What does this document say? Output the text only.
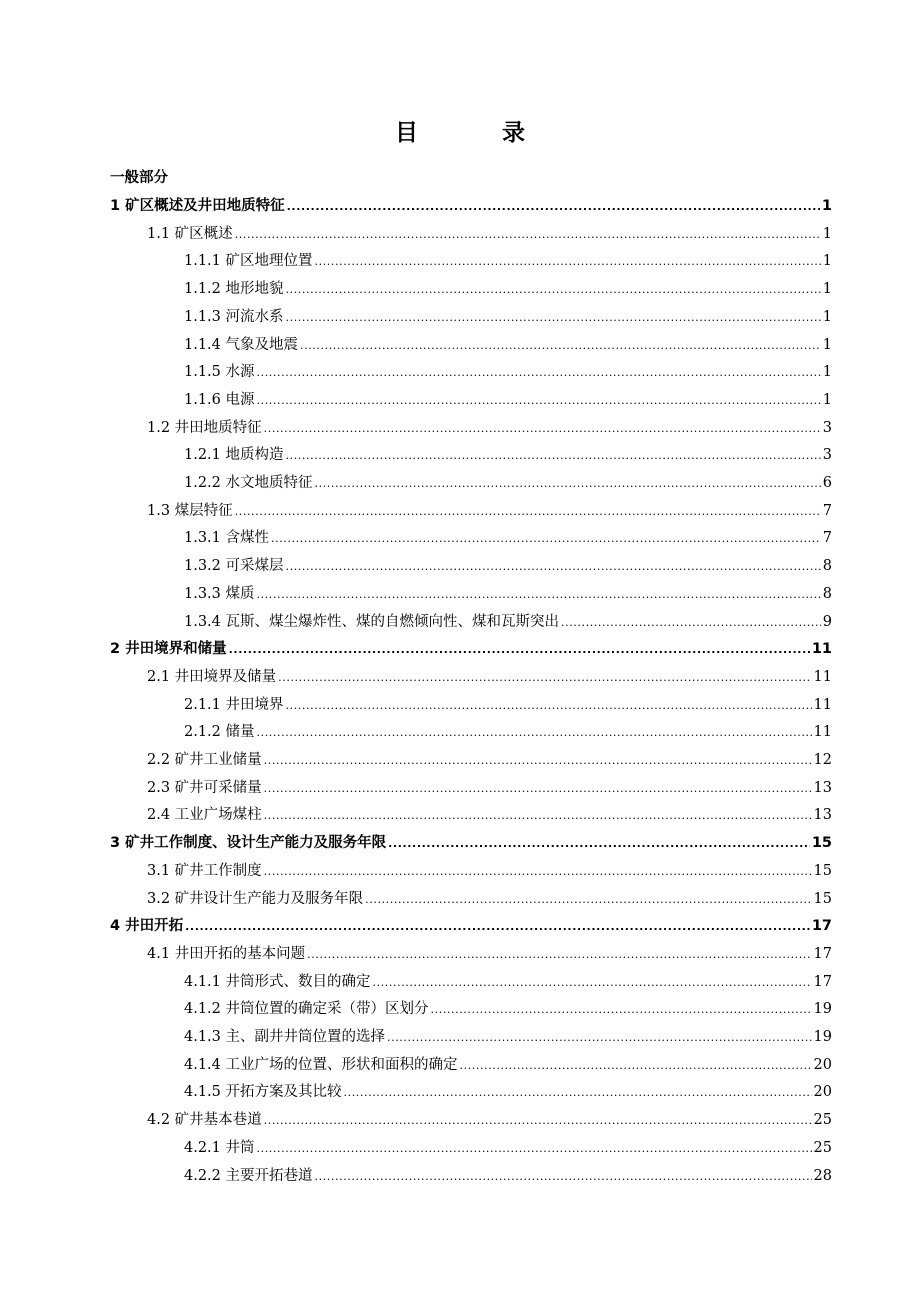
目 录
一般部分
1 矿区概述及井田地质特征 .....	1
1.1 矿区概述 .....	1
1.1.1 矿区地理位置 .....	1
1.1.2 地形地貌 .....	1
1.1.3 河流水系 .....	1
1.1.4 气象及地震 .....	1
1.1.5 水源 .....	1
1.1.6 电源 .....	1
1.2 井田地质特征 .....	3
1.2.1 地质构造 .....	3
1.2.2 水文地质特征 .....	6
1.3 煤层特征 .....	7
1.3.1 含煤性 .....	7
1.3.2 可采煤层 .....	8
1.3.3 煤质 .....	8
1.3.4 瓦斯、煤尘爆炸性、煤的自燃倾向性、煤和瓦斯突出 .....	9
2 井田境界和储量 .....	11
2.1 井田境界及储量 .....	11
2.1.1 井田境界 .....	11
2.1.2 储量 .....	11
2.2 矿井工业储量 .....	12
2.3 矿井可采储量 .....	13
2.4 工业广场煤柱 .....	13
3 矿井工作制度、设计生产能力及服务年限 .....	15
3.1 矿井工作制度 .....	15
3.2 矿井设计生产能力及服务年限 .....	15
4 井田开拓 .....	17
4.1 井田开拓的基本问题 .....	17
4.1.1 井筒形式、数目的确定 .....	17
4.1.2 井筒位置的确定采（带）区划分 .....	19
4.1.3 主、副井井筒位置的选择 .....	19
4.1.4 工业广场的位置、形状和面积的确定 .....	20
4.1.5 开拓方案及其比较 .....	20
4.2 矿井基本巷道 .....	25
4.2.1 井筒 .....	25
4.2.2 主要开拓巷道 .....	28
